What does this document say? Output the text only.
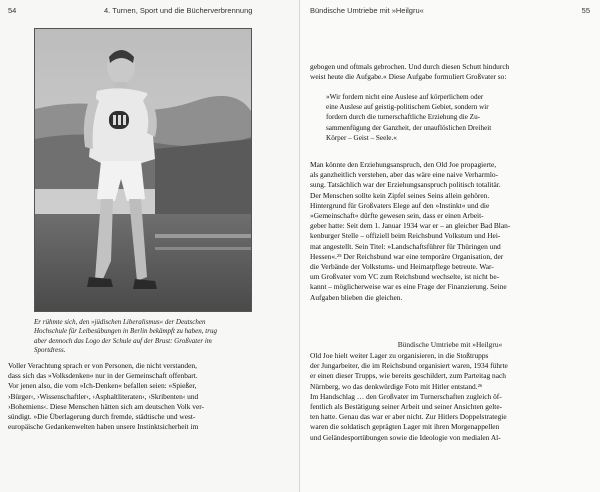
54	4. Turnen, Sport und die Bücherverbrennung
Er rühmte sich, den »jüdischen Liberalismus« der Deutschen
Hochschule für Leibesübungen in Berlin bekämpft zu haben, trug
aber dennoch das Logo der Schule auf der Brust: Großvater im
Sportdress.
Voller Verachtung sprach er von Personen, die nicht verstanden,
dass sich das »Volksdenken« nur in der Gemeinschaft offenbart.
Vor jenen also, die vom »Ich-Denken« befallen seien: »Spießer,
›Bürger‹, ›Wissenschaftler‹, ›Asphaltliteraten‹, ›Skribenten‹ und
›Bohemiens‹. Diese Menschen hätten sich am deutschen Volk ver-
sündigt. »Die Überlagerung durch fremde, städtische und west-
europäische Gedankenwelten haben unsere Instinktsicherheit im
Bündische Umtriebe mit »Heilgru«	55
gebogen und oftmals gebrochen. Und durch diesen Schutt hindurch
weist heute die Aufgabe.« Diese Aufgabe formuliert Großvater so:
»Wir fordern nicht eine Auslese auf körperlichem oder
eine Auslese auf geistig-politischem Gebiet, sondern wir
fordern durch die turnerschaftliche Erziehung die Zu-
sammenfügung der Ganzheit, der unauflöslichen Dreiheit
Körper – Geist – Seele.«
Man könnte den Erziehungsanspruch, den Old Joe propagierte,
als ganzheitlich verstehen, aber das wäre eine naive Verharmlo-
sung. Tatsächlich war der Erziehungsanspruch politisch totalitär.
Der Menschen sollte kein Zipfel seines Seins allein gehören.
Hintergrund für Großvaters Elege auf den »Instinkt« und die
»Gemeinschaft« dürfte gewesen sein, dass er einen Arbeit-
geber hatte: Seit dem 1. Januar 1934 war er – an gleicher Bad Blan-
kenburger Stelle – offiziell beim Reichsbund Volkstum und Hei-
mat angestellt. Sein Titel: »Landschaftsführer für Thüringen und
Hessen«.²⁵ Der Reichsbund war eine temporäre Organisation, der
die Verbände der Volkstums- und Heimatpflege betreute. War-
um Großvater vom VC zum Reichsbund wechselte, ist nicht be-
kannt – möglicherweise war es eine Frage der Finanzierung. Seine
Aufgaben blieben die gleichen.
Bündische Umtriebe mit »Heilgru«
Old Joe hielt weiter Lager zu organisieren, in die Stoßtrupps
der Jungarbeiter, die im Reichsbund organisiert waren, 1934 führte
er einen dieser Trupps, wie bereits geschildert, zum Parteitag nach
Nürnberg, wo das denkwürdige Foto mit Hitler entstand.²⁶
Im Handschlag … den Großvater im Turnerschaften zugleich öf-
fentlich als Bestätigung seiner Arbeit und seiner Ansichten gelte-
ten hatte. Genau das war er aber nicht. Zur Hitlers Doppelstrategie
waren die soldatisch geprägten Lager mit ihren Morgenappellen
und Geländesportübungen sowie die Ideologie von medialen Al-
